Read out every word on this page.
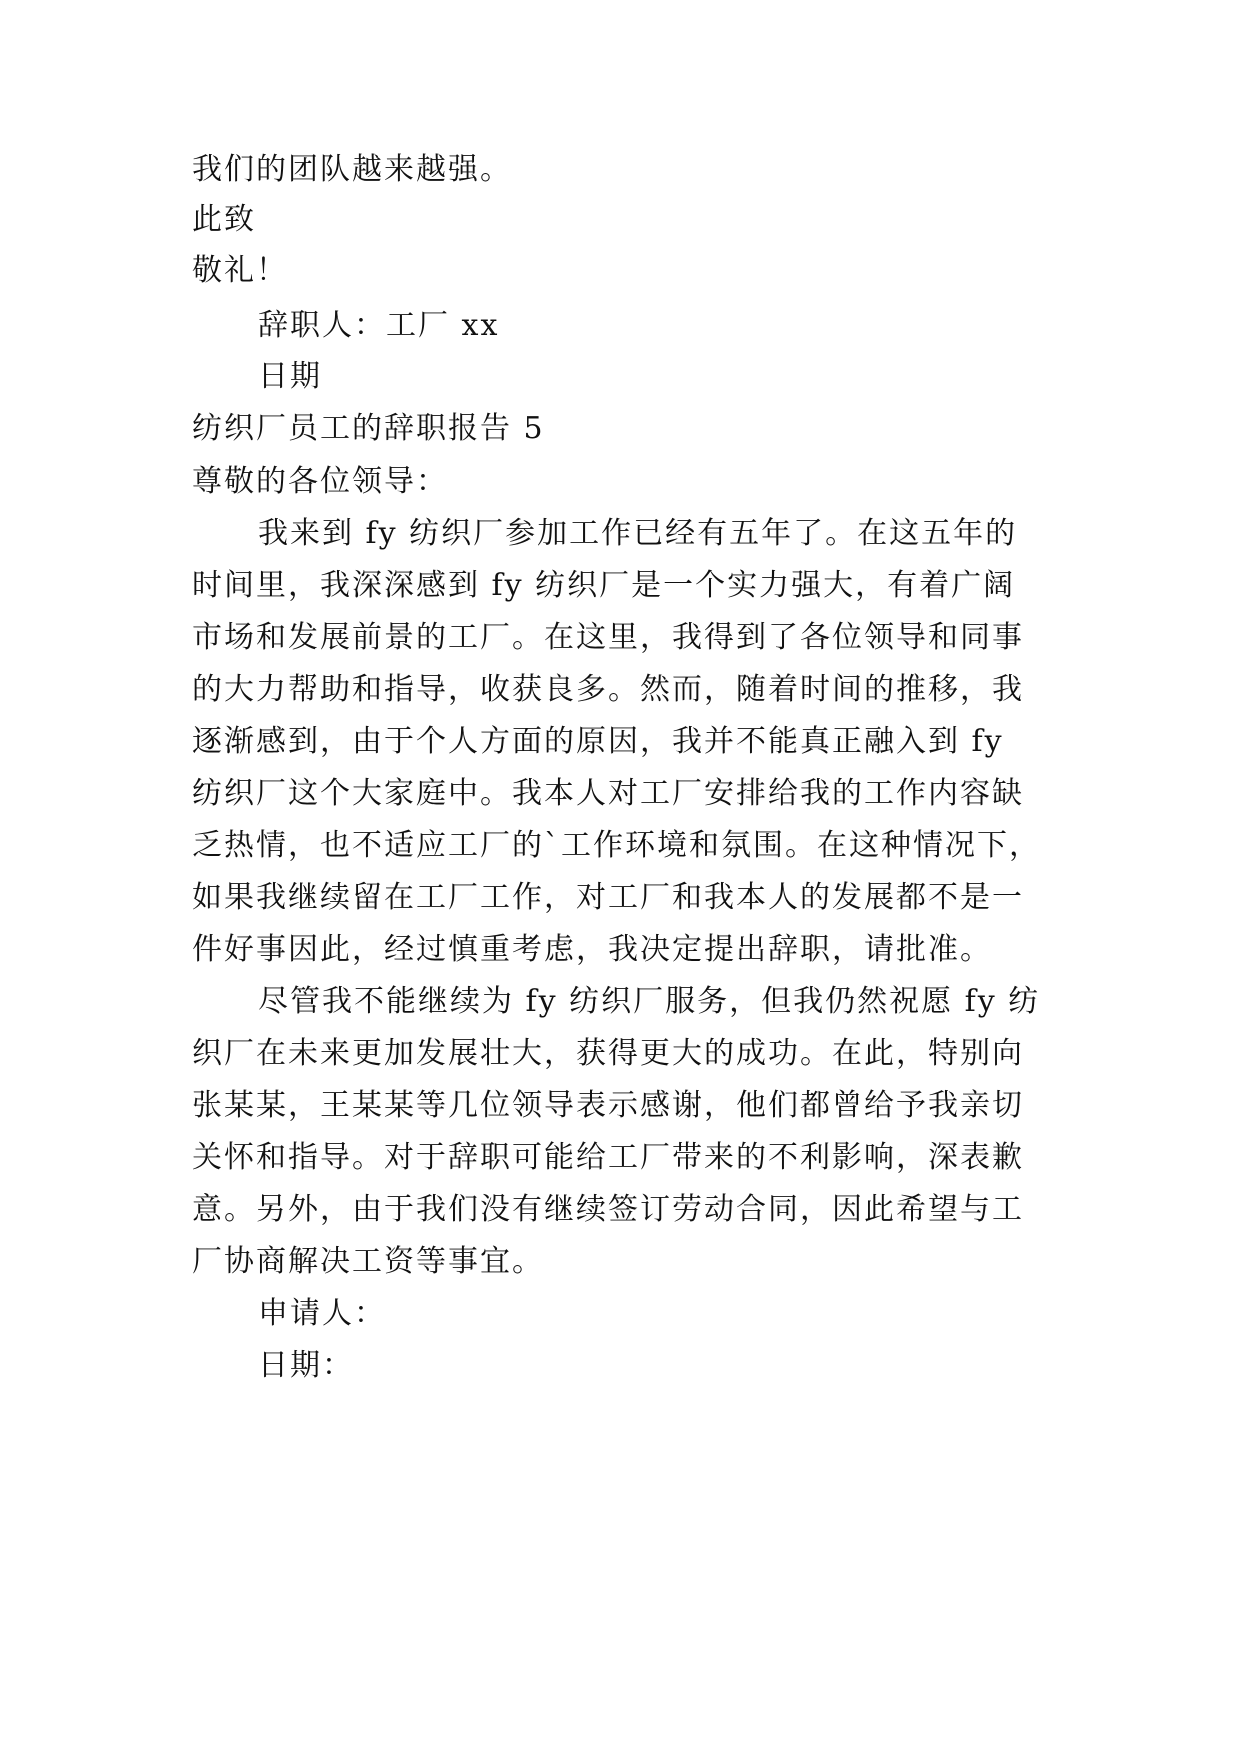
我们的团队越来越强。
此致
敬礼！
辞职人：工厂 xx
日期
纺织厂员工的辞职报告 5
尊敬的各位领导：
我来到 fy 纺织厂参加工作已经有五年了。在这五年的
时间里，我深深感到 fy 纺织厂是一个实力强大，有着广阔
市场和发展前景的工厂。在这里，我得到了各位领导和同事
的大力帮助和指导，收获良多。然而，随着时间的推移，我
逐渐感到，由于个人方面的原因，我并不能真正融入到 fy
纺织厂这个大家庭中。我本人对工厂安排给我的工作内容缺
乏热情，也不适应工厂的`工作环境和氛围。在这种情况下，
如果我继续留在工厂工作，对工厂和我本人的发展都不是一
件好事因此，经过慎重考虑，我决定提出辞职，请批准。
尽管我不能继续为 fy 纺织厂服务，但我仍然祝愿 fy 纺
织厂在未来更加发展壮大，获得更大的成功。在此，特别向
张某某，王某某等几位领导表示感谢，他们都曾给予我亲切
关怀和指导。对于辞职可能给工厂带来的不利影响，深表歉
意。另外，由于我们没有继续签订劳动合同，因此希望与工
厂协商解决工资等事宜。
申请人：
日期：
